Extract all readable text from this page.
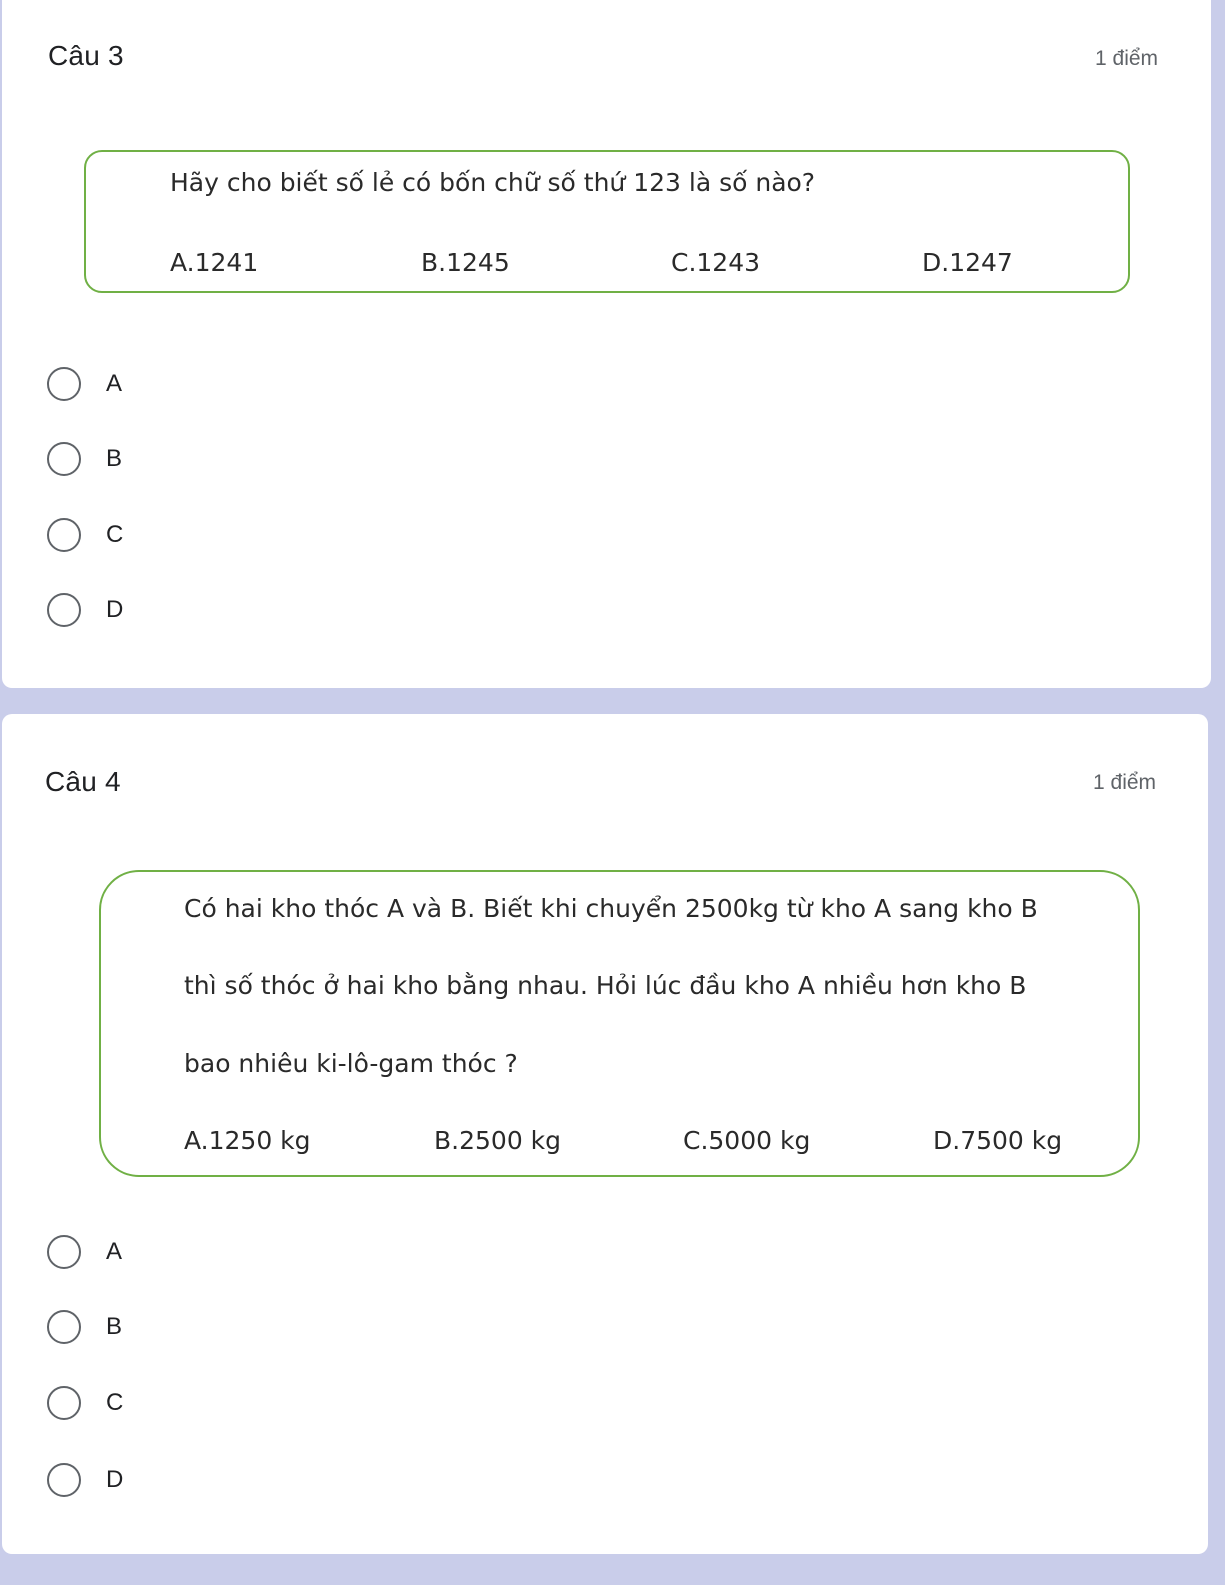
Câu 3	1 điểm
Hãy cho biết số lẻ có bốn chữ số thứ 123 là số nào?
A.1241	B.1245	C.1243	D.1247
A
B
C
D
Câu 4	1 điểm
Có hai kho thóc A và B. Biết khi chuyển 2500kg từ kho A sang kho B
thì số thóc ở hai kho bằng nhau. Hỏi lúc đầu kho A nhiều hơn kho B
bao nhiêu ki-lô-gam thóc ?
A.1250 kg	B.2500 kg	C.5000 kg	D.7500 kg
A
B
C
D
